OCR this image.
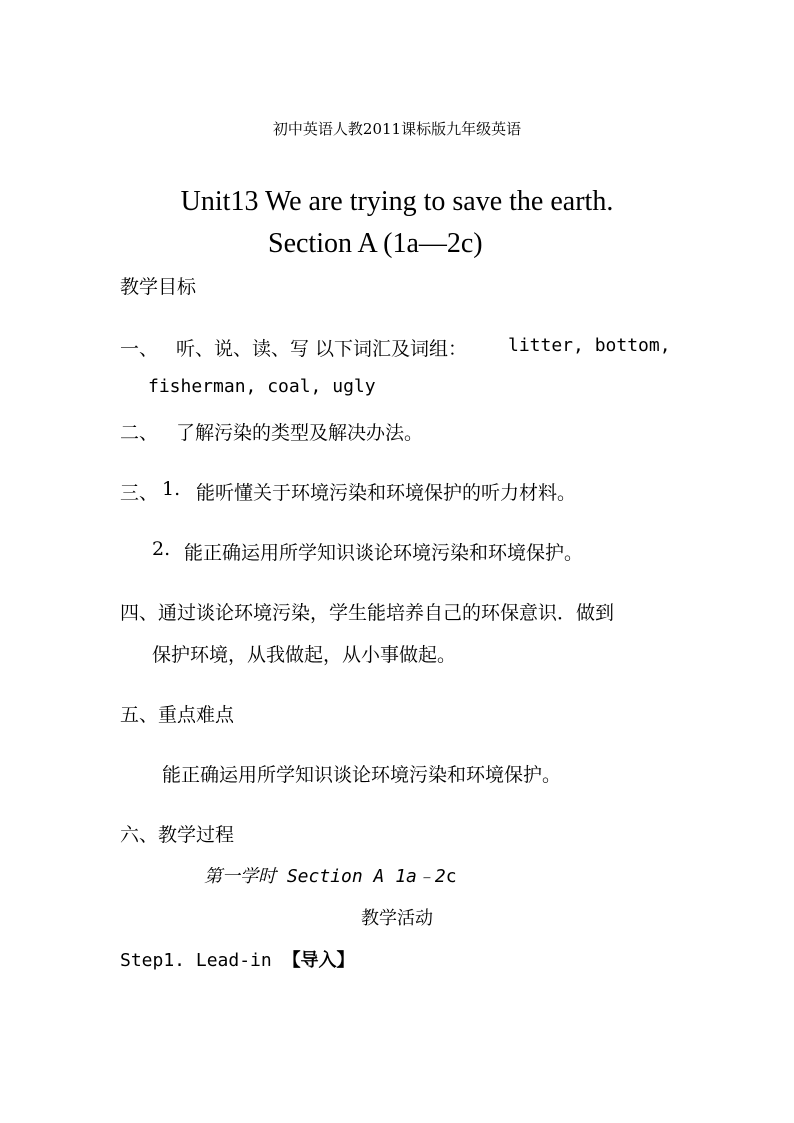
初中英语人教2011课标版九年级英语
Unit13 We are trying to save the earth.
Section A (1a—2c)
教学目标
一、 听、说、读、写 以下词汇及词组： litter, bottom,
fisherman, coal, ugly
二、 了解污染的类型及解决办法。
三、 1. 能听懂关于环境污染和环境保护的听力材料。
2. 能正确运用所学知识谈论环境污染和环境保护。
四、通过谈论环境污染，学生能培养自己的环保意识．做到
保护环境，从我做起，从小事做起。
五、重点难点
能正确运用所学知识谈论环境污染和环境保护。
六、教学过程
第一学时 Section A 1a﹣2c
教学活动
Step1. Lead-in 【导入】
